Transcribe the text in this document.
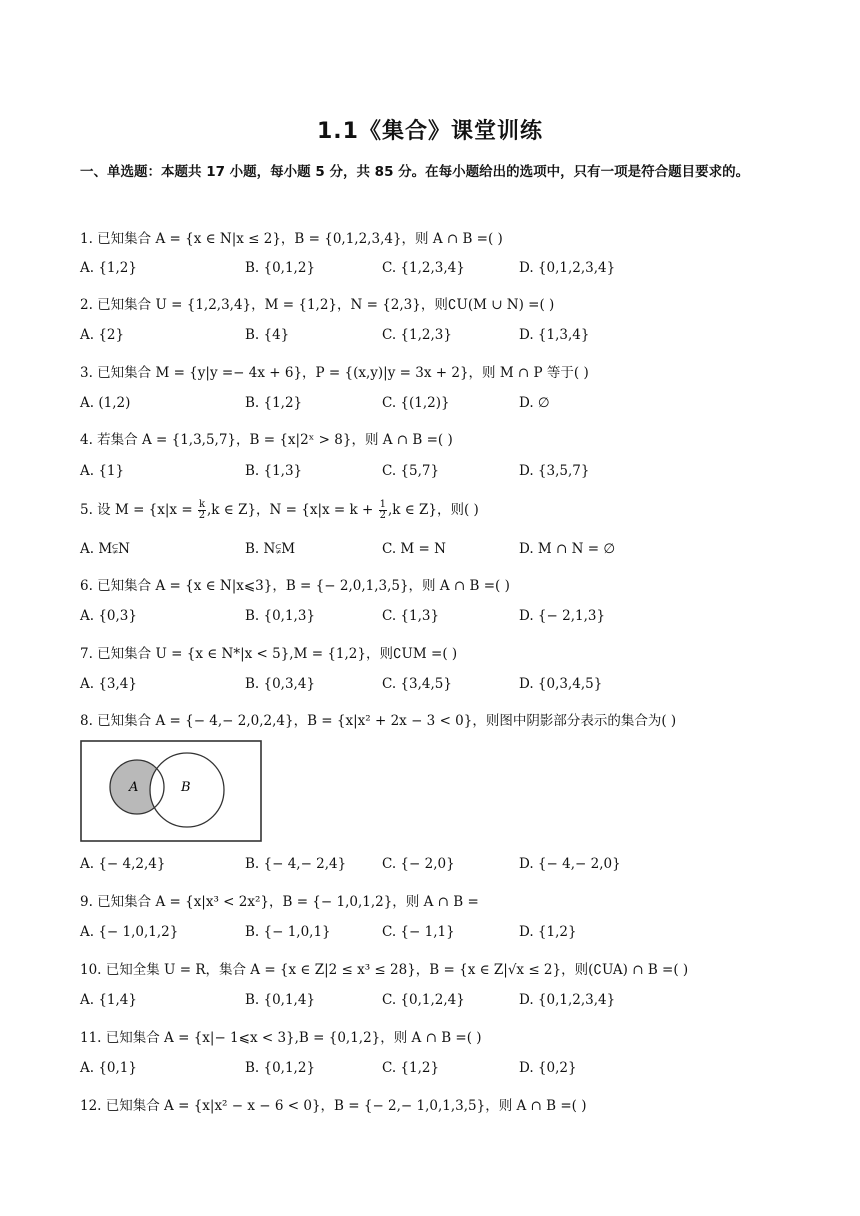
1.1《集合》课堂训练
一、单选题：本题共 17 小题，每小题 5 分，共 85 分。在每小题给出的选项中，只有一项是符合题目要求的。
1. 已知集合 A = {x ∈ N|x ≤ 2}，B = {0,1,2,3,4}，则 A ∩ B =( )
A. {1,2}	B. {0,1,2}	C. {1,2,3,4}	D. {0,1,2,3,4}
2. 已知集合 U = {1,2,3,4}，M = {1,2}，N = {2,3}，则∁U(M ∪ N) =( )
A. {2}	B. {4}	C. {1,2,3}	D. {1,3,4}
3. 已知集合 M = {y|y =− 4x + 6}，P = {(x,y)|y = 3x + 2}，则 M ∩ P 等于( )
A. (1,2)	B. {1,2}	C. {(1,2)}	D. ∅
4. 若集合 A = {1,3,5,7}，B = {x|2ˣ > 8}，则 A ∩ B =( )
A. {1}	B. {1,3}	C. {5,7}	D. {3,5,7}
5. 设 $M = \{x|x = \frac{k}{2} ,k$ ∈ Z}，$N = \{x|x = k + \frac{1}{2} ,k$ ∈ Z}，则( )
A. M⫋N	B. N⫋M	C. M = N	D. M ∩ N = ∅
6. 已知集合 A = {x ∈ N|x⩽3}，B = {− 2,0,1,3,5}，则 A ∩ B =( )
A. {0,3}	B. {0,1,3}	C. {1,3}	D. {− 2,1,3}
7. 已知集合 U = {x ∈ N*|x < 5},M = {1,2}，则∁UM =( )
A. {3,4}	B. {0,3,4}	C. {3,4,5}	D. {0,3,4,5}
8. 已知集合 A = {− 4,− 2,0,2,4}，B = {x|x² + 2x − 3 < 0}，则图中阴影部分表示的集合为( )
A	B
A. {− 4,2,4}	B. {− 4,− 2,4}	C. {− 2,0}	D. {− 4,− 2,0}
9. 已知集合 A = {x|x³ < 2x²}，B = {− 1,0,1,2}，则 A ∩ B =
A. {− 1,0,1,2}	B. {− 1,0,1}	C. {− 1,1}	D. {1,2}
10. 已知全集 U = R，集合 A = {x ∈ Z|2 ≤ x³ ≤ 28}，B = {x ∈ Z|√x ≤ 2}，则(∁UA) ∩ B =( )
A. {1,4}	B. {0,1,4}	C. {0,1,2,4}	D. {0,1,2,3,4}
11. 已知集合 A = {x|− 1⩽x < 3},B = {0,1,2}，则 A ∩ B =( )
A. {0,1}	B. {0,1,2}	C. {1,2}	D. {0,2}
12. 已知集合 A = {x|x² − x − 6 < 0}，B = {− 2,− 1,0,1,3,5}，则 A ∩ B =( )
